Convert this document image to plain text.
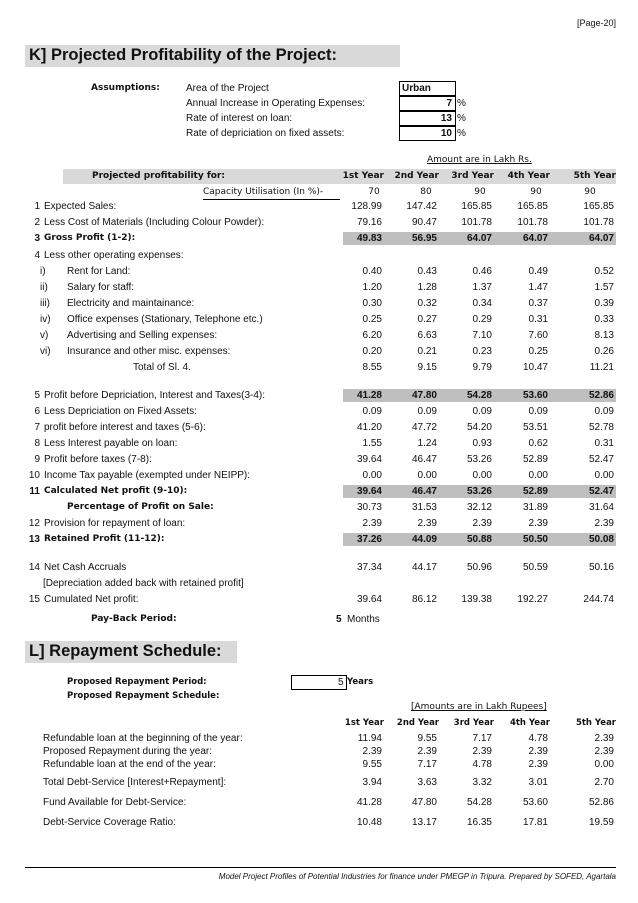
[Page-20]
K] Projected Profitability of the Project:
Assumptions:	Area of the Project	Urban
Annual Increase in Operating Expenses:	7 %
Rate of interest on loan:	13 %
Rate of depriciation on fixed assets:	10 %
Amount are in Lakh Rs.
Projected profitability for:	1st Year 2nd Year 3rd Year 4th Year	5th Year
Capacity Utilisation (In %)-	70	80	90	90	90
1 Expected Sales:	128.99 147.42 165.85	165.85	165.85
2 Less Cost of Materials (Including Colour Powder):	79.16	90.47 101.78	101.78	101.78
3 Gross Profit (1-2):	49.83	56.95	64.07	64.07	64.07
4 Less other operating expenses:
i) Rent for Land:	0.40	0.43	0.46	0.49	0.52
ii) Salary for staff:	1.20	1.28	1.37	1.47	1.57
iii) Electricity and maintainance:	0.30	0.32	0.34	0.37	0.39
iv) Office expenses (Stationary, Telephone etc.)	0.25	0.27	0.29	0.31	0.33
v) Advertising and Selling expenses:	6.20	6.63	7.10	7.60	8.13
vi) Insurance and other misc. expenses:	0.20	0.21	0.23	0.25	0.26
Total of Sl. 4.	8.55	9.15	9.79	10.47	11.21
5 Profit before Depriciation, Interest and Taxes(3-4):	41.28	47.80	54.28	53.60	52.86
6 Less Depriciation on Fixed Assets:	0.09	0.09	0.09	0.09	0.09
7 profit before interest and taxes (5-6):	41.20	47.72	54.20	53.51	52.78
8 Less Interest payable on loan:	1.55	1.24	0.93	0.62	0.31
9 Profit before taxes (7-8):	39.64	46.47	53.26	52.89	52.47
10 Income Tax payable (exempted under NEIPP):	0.00	0.00	0.00	0.00	0.00
11 Calculated Net profit (9-10):	39.64	46.47	53.26	52.89	52.47
Percentage of Profit on Sale:	30.73	31.53	32.12	31.89	31.64
12 Provision for repayment of loan:	2.39	2.39	2.39	2.39	2.39
13 Retained Profit (11-12):	37.26	44.09	50.88	50.50	50.08
14 Net Cash Accruals	37.34	44.17	50.96	50.59	50.16
[Depreciation added back with retained profit]
15 Cumulated Net profit:	39.64	86.12 139.38	192.27	244.74
Pay-Back Period:	5 Months
L] Repayment Schedule:
Proposed Repayment Period:	5 Years
Proposed Repayment Schedule:
[Amounts are in Lakh Rupees]
1st Year 2nd Year 3rd Year 4th Year	5th Year
Refundable loan at the beginning of the year:	11.94	9.55	7.17	4.78	2.39
Proposed Repayment during the year:	2.39	2.39	2.39	2.39	2.39
Refundable loan at the end of the year:	9.55	7.17	4.78	2.39	0.00
Total Debt-Service [Interest+Repayment]:	3.94	3.63	3.32	3.01	2.70
Fund Available for Debt-Service:	41.28	47.80	54.28	53.60	52.86
Debt-Service Coverage Ratio:	10.48	13.17	16.35	17.81	19.59
Model Project Profiles of Potential Industries for finance under PMEGP in Tripura. Prepared by SOFED, Agartala
